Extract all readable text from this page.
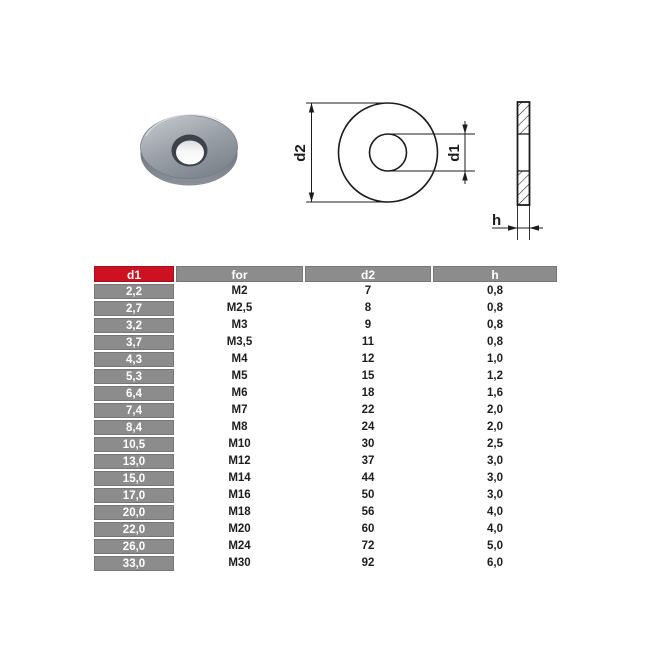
d2	d1
h
d1	for	d2	h
2,2	M2	7	0,8
2,7	M2,5	8	0,8
3,2	M3	9	0,8
3,7	M3,5	11	0,8
4,3	M4	12	1,0
5,3	M5	15	1,2
6,4	M6	18	1,6
7,4	M7	22	2,0
8,4	M8	24	2,0
10,5	M10	30	2,5
13,0	M12	37	3,0
15,0	M14	44	3,0
17,0	M16	50	3,0
20,0	M18	56	4,0
22,0	M20	60	4,0
26,0	M24	72	5,0
33,0	M30	92	6,0
